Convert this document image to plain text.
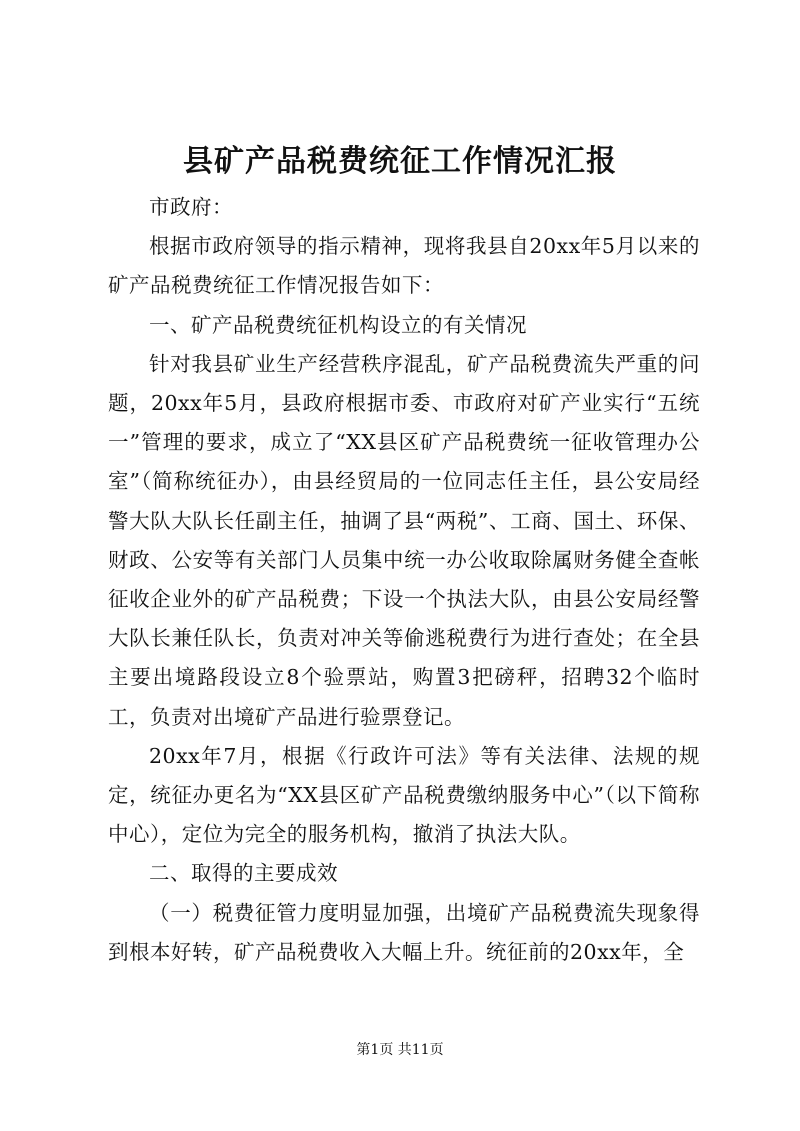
县矿产品税费统征工作情况汇报

市政府：

根据市政府领导的指示精神，现将我县自20xx年5月以来的矿产品税费统征工作情况报告如下：

一、矿产品税费统征机构设立的有关情况

针对我县矿业生产经营秩序混乱，矿产品税费流失严重的问题，20xx年5月，县政府根据市委、市政府对矿产业实行“五统一”管理的要求，成立了“XX县区矿产品税费统一征收管理办公室”（简称统征办），由县经贸局的一位同志任主任，县公安局经警大队大队长任副主任，抽调了县“两税”、工商、国土、环保、财政、公安等有关部门人员集中统一办公收取除属财务健全查帐征收企业外的矿产品税费；下设一个执法大队，由县公安局经警大队长兼任队长，负责对冲关等偷逃税费行为进行查处；在全县主要出境路段设立8个验票站，购置3把磅秤，招聘32个临时工，负责对出境矿产品进行验票登记。

20xx年7月，根据《行政许可法》等有关法律、法规的规定，统征办更名为“XX县区矿产品税费缴纳服务中心”（以下简称中心），定位为完全的服务机构，撤消了执法大队。

二、取得的主要成效

（一）税费征管力度明显加强，出境矿产品税费流失现象得到根本好转，矿产品税费收入大幅上升。统征前的20xx年，全

第1页 共11页
